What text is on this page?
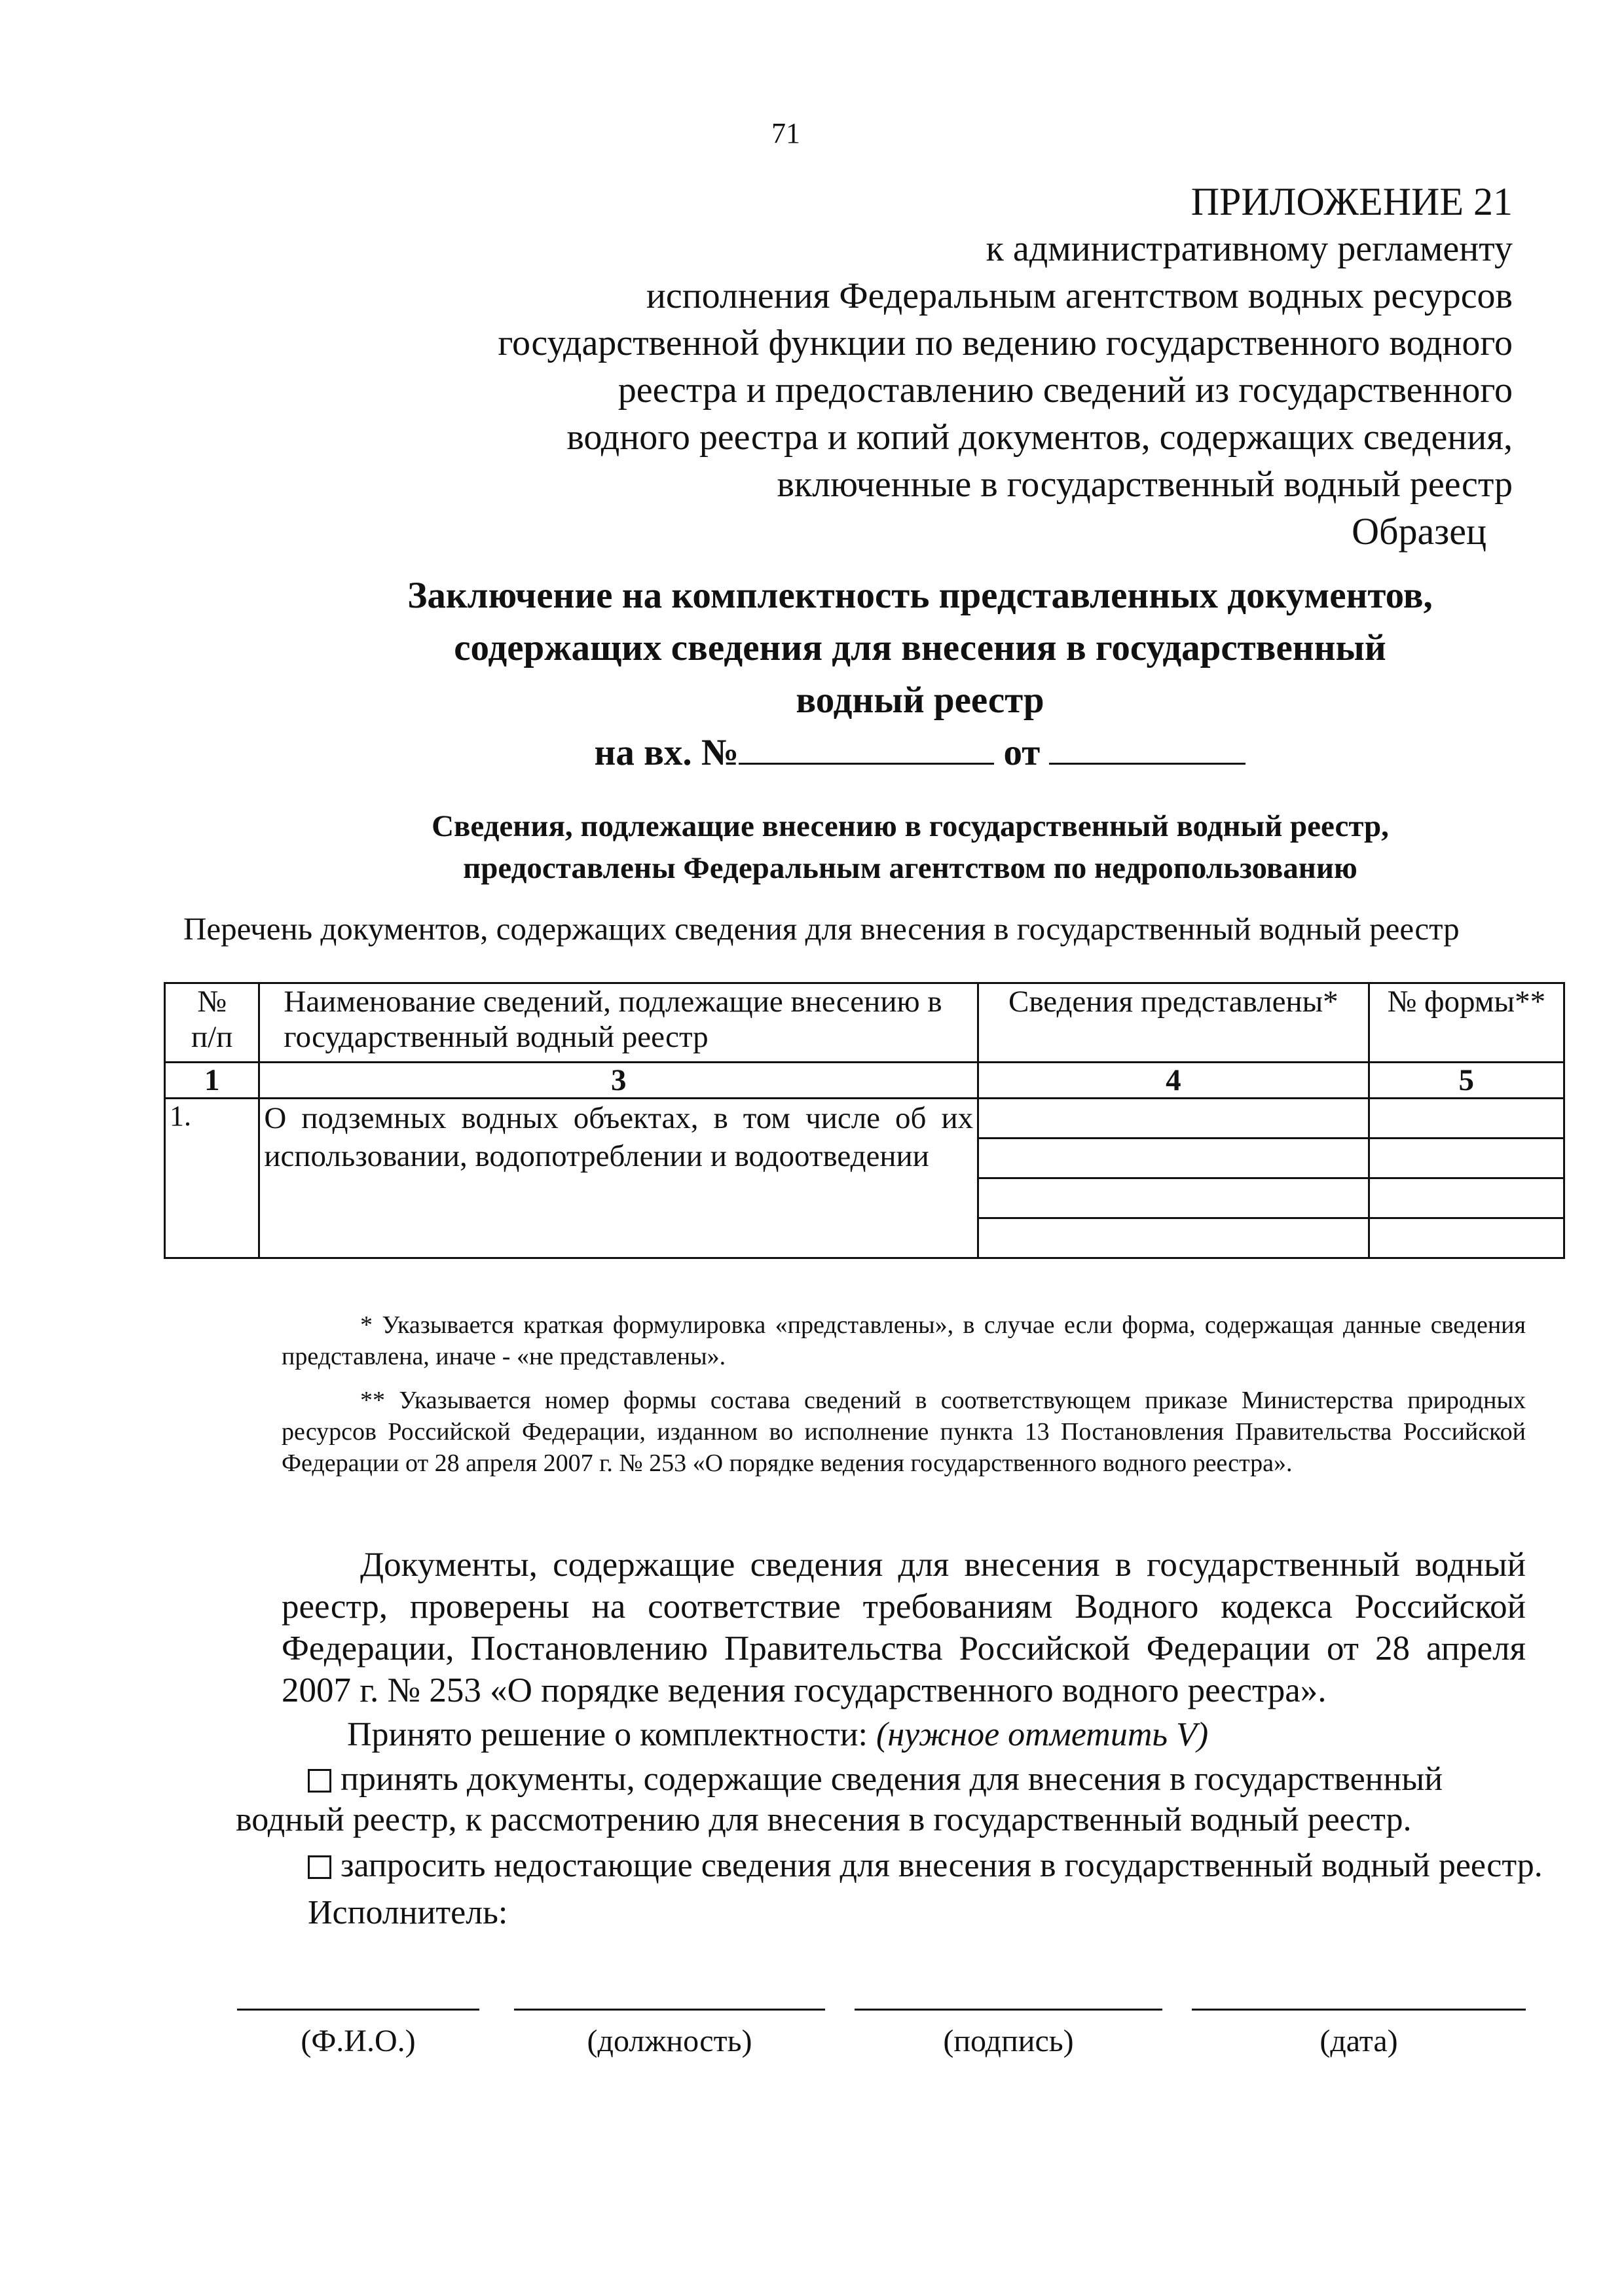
71
ПРИЛОЖЕНИЕ 21
к административному регламенту
исполнения Федеральным агентством водных ресурсов
государственной функции по ведению государственного водного
реестра и предоставлению сведений из государственного
водного реестра и копий документов, содержащих сведения,
включенные в государственный водный реестр
Образец
Заключение на комплектность представленных документов,
содержащих сведения для внесения в государственный
водный реестр
на вх. №	от
Сведения, подлежащие внесению в государственный водный реестр,
предоставлены Федеральным агентством по недропользованию
Перечень документов, содержащих сведения для внесения в государственный водный реестр
№
п/п	Наименование сведений, подлежащие внесению в государственный водный реестр	Сведения представлены*	№ формы**
1	3	4	5
1.	О подземных водных объектах, в том числе об их использовании, водопотреблении и водоотведении	

* Указывается краткая формулировка «представлены», в случае если форма, содержащая данные сведения представлена, иначе - «не представлены».
** Указывается номер формы состава сведений в соответствующем приказе Министерства природных ресурсов Российской Федерации, изданном во исполнение пункта 13 Постановления Правительства Российской Федерации от 28 апреля 2007 г. № 253 «О порядке ведения государственного водного реестра».
Документы, содержащие сведения для внесения в государственный водный реестр, проверены на соответствие требованиям Водного кодекса Российской Федерации, Постановлению Правительства Российской Федерации от 28 апреля 2007 г. № 253 «О порядке ведения государственного водного реестра».
Принято решение о комплектности: (нужное отметить V)
принять документы, содержащие сведения для внесения в государственный
водный реестр, к рассмотрению для внесения в государственный водный реестр.
запросить недостающие сведения для внесения в государственный водный реестр.
Исполнитель:
(Ф.И.О.)	(должность)	(подпись)	(дата)
